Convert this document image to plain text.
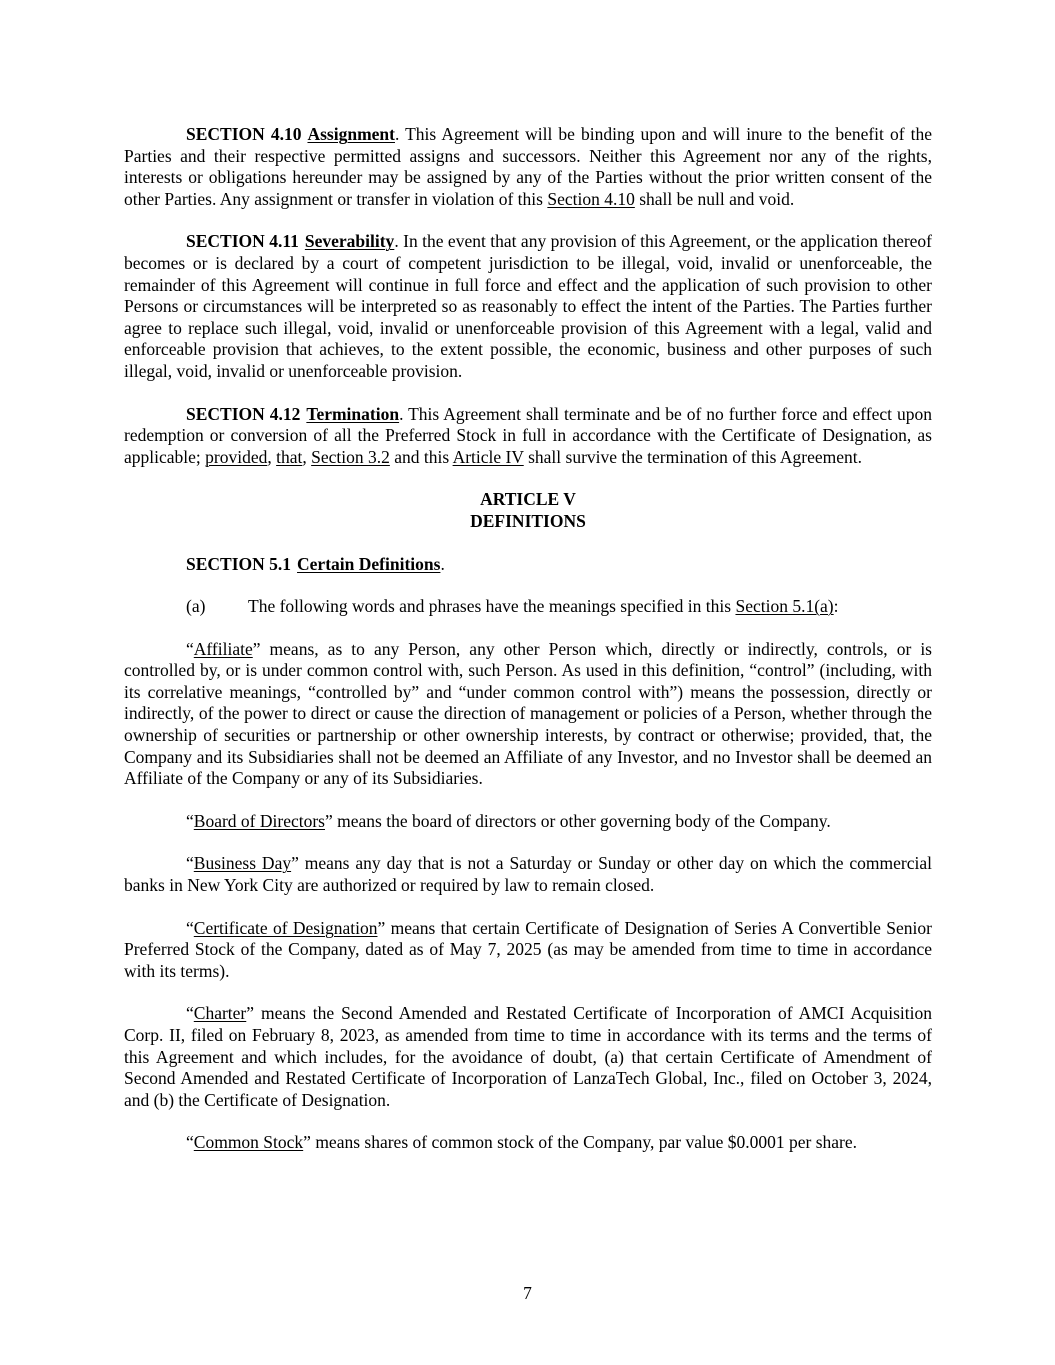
SECTION 4.10 Assignment. This Agreement will be binding upon and will inure to the benefit of the Parties and their respective permitted assigns and successors. Neither this Agreement nor any of the rights, interests or obligations hereunder may be assigned by any of the Parties without the prior written consent of the other Parties. Any assignment or transfer in violation of this Section 4.10 shall be null and void.

SECTION 4.11 Severability. In the event that any provision of this Agreement, or the application thereof becomes or is declared by a court of competent jurisdiction to be illegal, void, invalid or unenforceable, the remainder of this Agreement will continue in full force and effect and the application of such provision to other Persons or circumstances will be interpreted so as reasonably to effect the intent of the Parties. The Parties further agree to replace such illegal, void, invalid or unenforceable provision of this Agreement with a legal, valid and enforceable provision that achieves, to the extent possible, the economic, business and other purposes of such illegal, void, invalid or unenforceable provision.

SECTION 4.12 Termination. This Agreement shall terminate and be of no further force and effect upon redemption or conversion of all the Preferred Stock in full in accordance with the Certificate of Designation, as applicable; provided, that, Section 3.2 and this Article IV shall survive the termination of this Agreement.

ARTICLE V
DEFINITIONS
SECTION 5.1 Certain Definitions.
(a) The following words and phrases have the meanings specified in this Section 5.1(a):

“Affiliate” means, as to any Person, any other Person which, directly or indirectly, controls, or is controlled by, or is under common control with, such Person. As used in this definition, “control” (including, with its correlative meanings, “controlled by” and “under common control with”) means the possession, directly or indirectly, of the power to direct or cause the direction of management or policies of a Person, whether through the ownership of securities or partnership or other ownership interests, by contract or otherwise; provided, that, the Company and its Subsidiaries shall not be deemed an Affiliate of any Investor, and no Investor shall be deemed an Affiliate of the Company or any of its Subsidiaries.

“Board of Directors” means the board of directors or other governing body of the Company.

“Business Day” means any day that is not a Saturday or Sunday or other day on which the commercial banks in New York City are authorized or required by law to remain closed.

“Certificate of Designation” means that certain Certificate of Designation of Series A Convertible Senior Preferred Stock of the Company, dated as of May 7, 2025 (as may be amended from time to time in accordance with its terms).

“Charter” means the Second Amended and Restated Certificate of Incorporation of AMCI Acquisition Corp. II, filed on February 8, 2023, as amended from time to time in accordance with its terms and the terms of this Agreement and which includes, for the avoidance of doubt, (a) that certain Certificate of Amendment of Second Amended and Restated Certificate of Incorporation of LanzaTech Global, Inc., filed on October 3, 2024, and (b) the Certificate of Designation.

“Common Stock” means shares of common stock of the Company, par value $0.0001 per share.

7
